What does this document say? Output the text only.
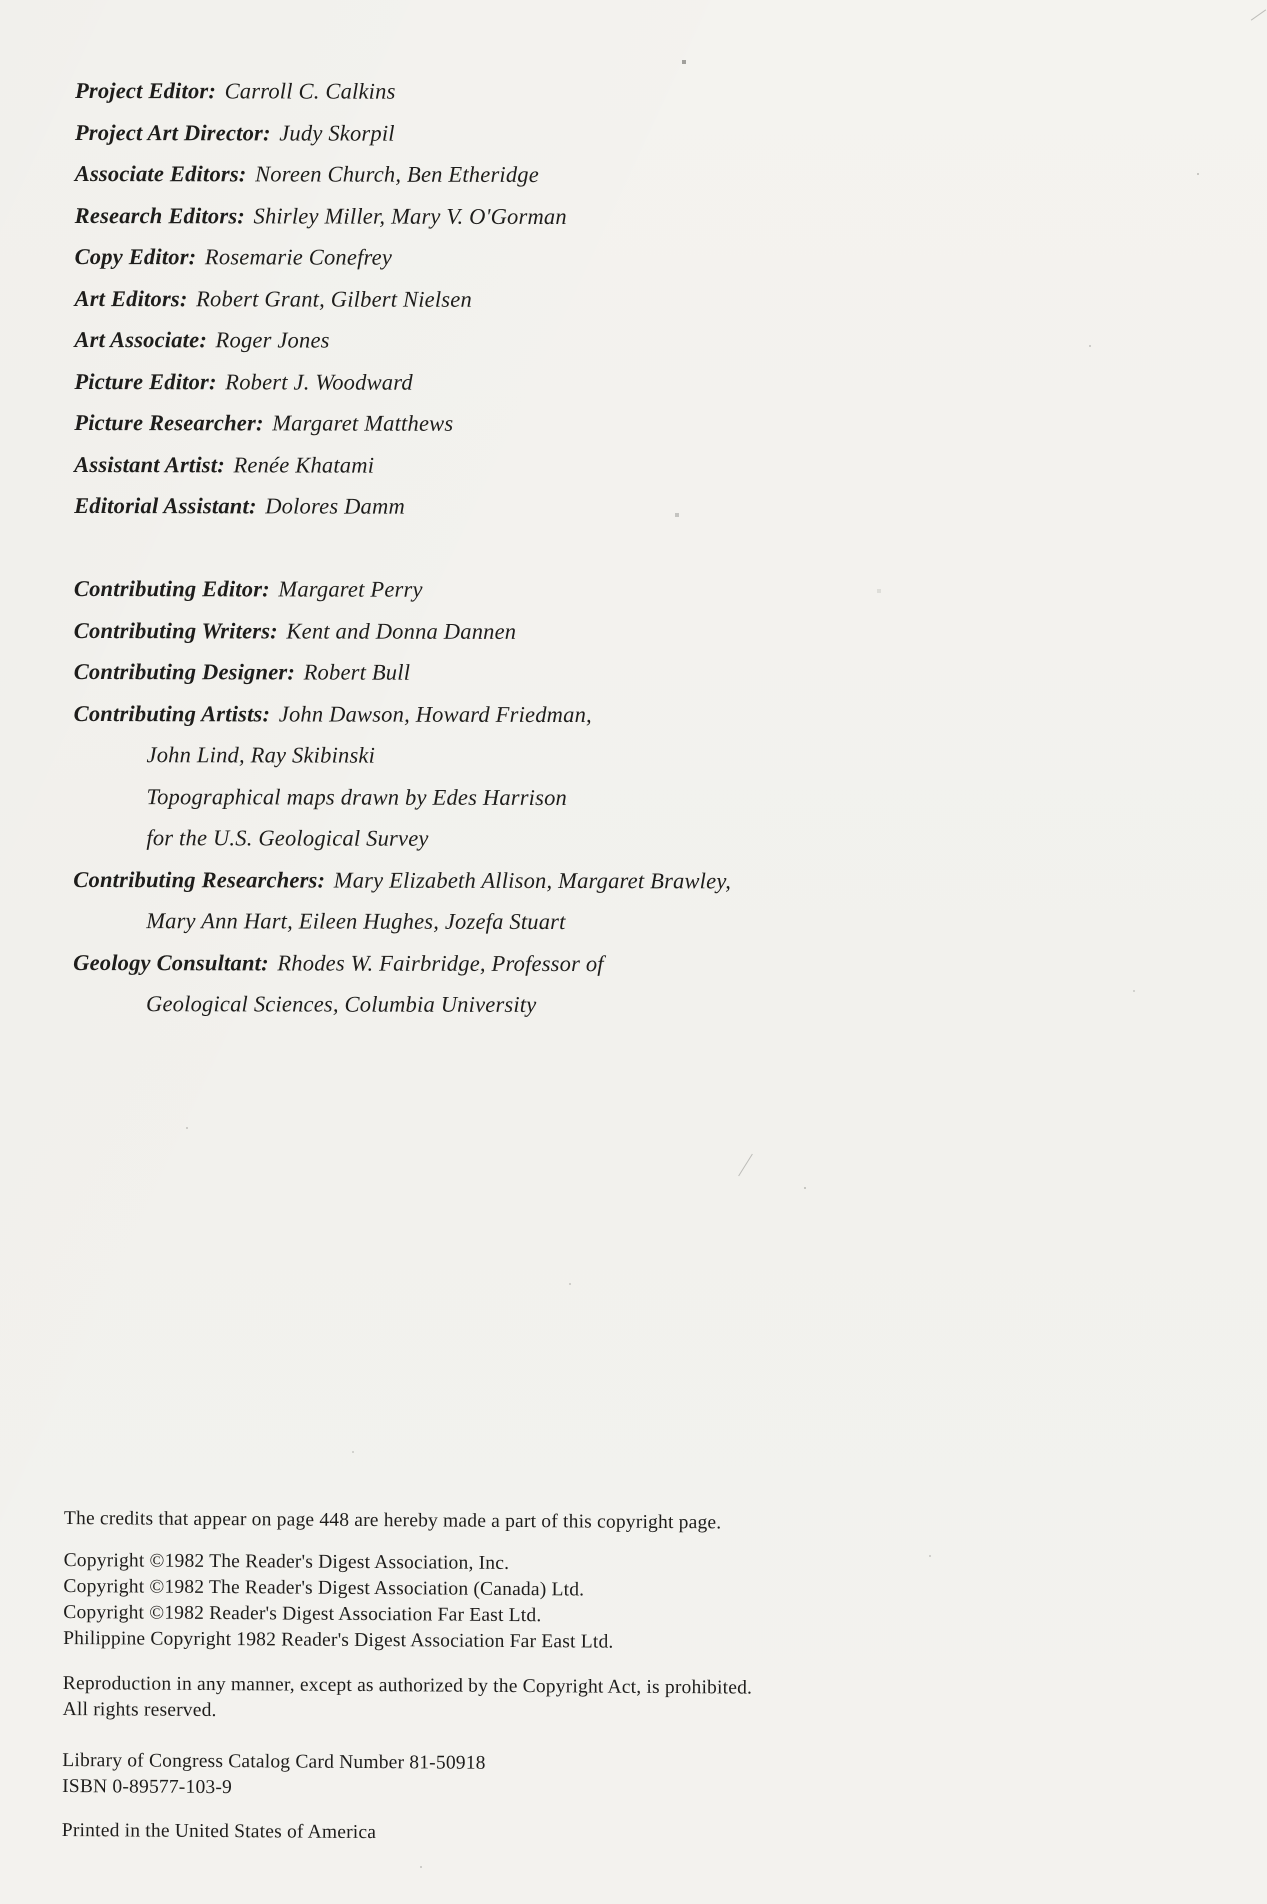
Project Editor: Carroll C. Calkins
Project Art Director: Judy Skorpil
Associate Editors: Noreen Church, Ben Etheridge
Research Editors: Shirley Miller, Mary V. O'Gorman
Copy Editor: Rosemarie Conefrey
Art Editors: Robert Grant, Gilbert Nielsen
Art Associate: Roger Jones
Picture Editor: Robert J. Woodward
Picture Researcher: Margaret Matthews
Assistant Artist: Renée Khatami
Editorial Assistant: Dolores Damm
Contributing Editor: Margaret Perry
Contributing Writers: Kent and Donna Dannen
Contributing Designer: Robert Bull
Contributing Artists: John Dawson, Howard Friedman,
John Lind, Ray Skibinski
Topographical maps drawn by Edes Harrison
for the U.S. Geological Survey
Contributing Researchers: Mary Elizabeth Allison, Margaret Brawley,
Mary Ann Hart, Eileen Hughes, Jozefa Stuart
Geology Consultant: Rhodes W. Fairbridge, Professor of
Geological Sciences, Columbia University
The credits that appear on page 448 are hereby made a part of this copyright page.
Copyright ©1982 The Reader's Digest Association, Inc.
Copyright ©1982 The Reader's Digest Association (Canada) Ltd.
Copyright ©1982 Reader's Digest Association Far East Ltd.
Philippine Copyright 1982 Reader's Digest Association Far East Ltd.
Reproduction in any manner, except as authorized by the Copyright Act, is prohibited.
All rights reserved.
Library of Congress Catalog Card Number 81-50918
ISBN 0-89577-103-9
Printed in the United States of America
